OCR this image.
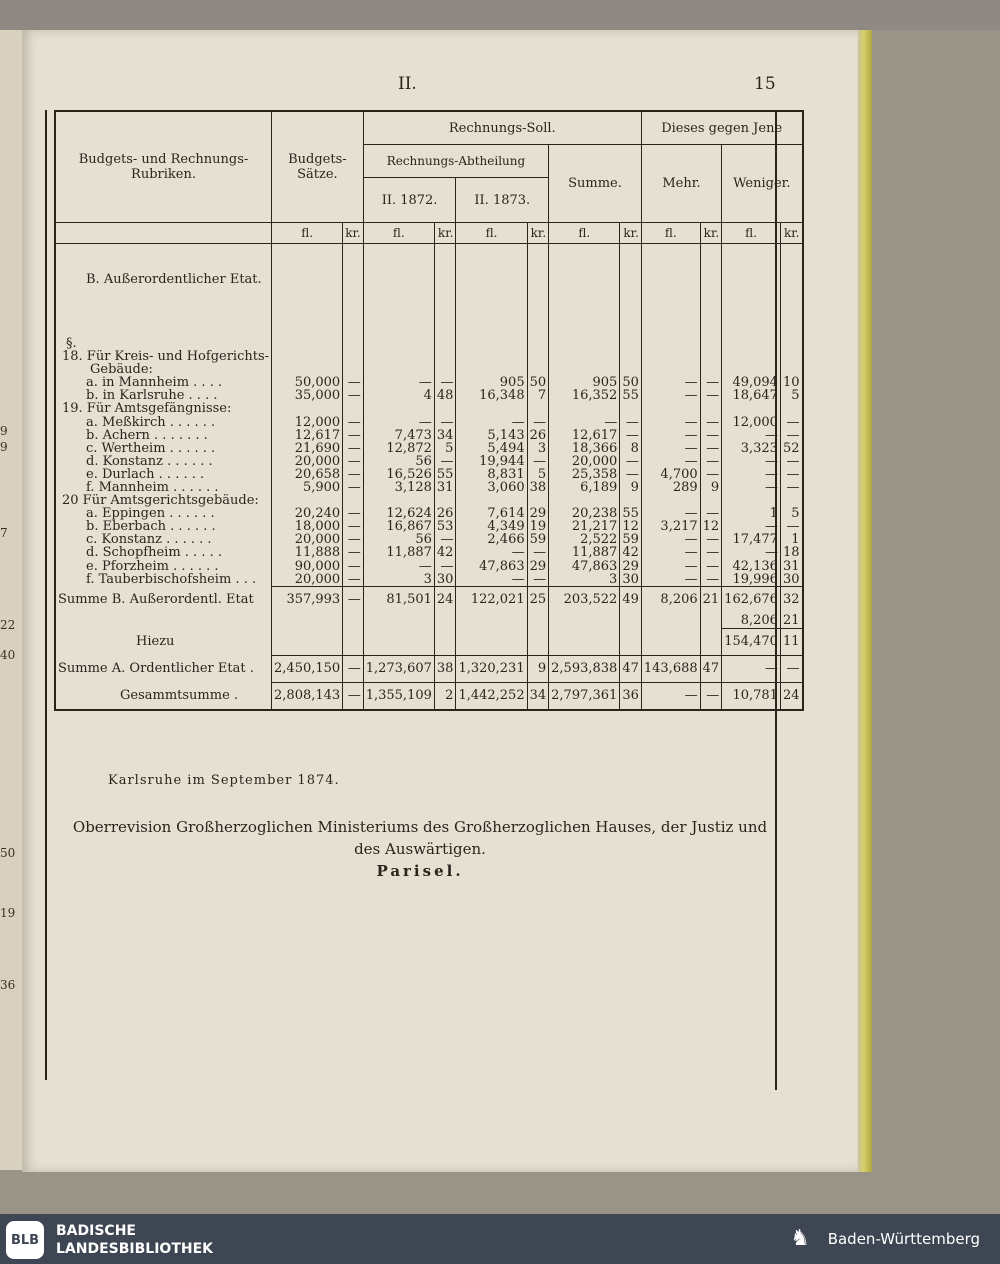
9
9
7
22
40
50
19
36
II.	15
Budgets- und Rechnungs-Rubriken.	Budgets-Sätze.		Rechnungs-Soll.						Dieses gegen Jene			
			Rechnungs-Abtheilung				Summe.		Mehr.		Weniger.	
			II. 1872.		II. 1873.							
	fl.	kr.	fl.	kr.	fl.	kr.	fl.	kr.	fl.	kr.	fl.	kr.
B. Außerordentlicher Etat.												
§.												
18. Für Kreis- und Hofgerichts-												
Gebäude:												
a. in Mannheim . . . .	50,000	—	—	—	905	50	905	50	—	—	49,094	10
b. in Karlsruhe . . . .	35,000	—	4	48	16,348	7	16,352	55	—	—	18,647	5
19. Für Amtsgefängnisse:												
a. Meßkirch . . . . . .	12,000	—	—	—	—	—	—	—	—	—	12,000	—
b. Achern . . . . . . .	12,617	—	7,473	34	5,143	26	12,617	—	—	—	—	—
c. Wertheim . . . . . .	21,690	—	12,872	5	5,494	3	18,366	8	—	—	3,323	52
d. Konstanz . . . . . .	20,000	—	56	—	19,944	—	20,000	—	—	—	—	—
e. Durlach . . . . . .	20,658	—	16,526	55	8,831	5	25,358	—	4,700	—	—	—
f. Mannheim . . . . . .	5,900	—	3,128	31	3,060	38	6,189	9	289	9	—	—
20 Für Amtsgerichtsgebäude:												
a. Eppingen . . . . . .	20,240	—	12,624	26	7,614	29	20,238	55	—	—	1	5
b. Eberbach . . . . . .	18,000	—	16,867	53	4,349	19	21,217	12	3,217	12	—	—
c. Konstanz . . . . . .	20,000	—	56	—	2,466	59	2,522	59	—	—	17,477	1
d. Schopfheim . . . . .	11,888	—	11,887	42	—	—	11,887	42	—	—	—	18
e. Pforzheim . . . . . .	90,000	—	—	—	47,863	29	47,863	29	—	—	42,136	31
f. Tauberbischofsheim . . .	20,000	—	3	30	—	—	3	30	—	—	19,996	30
Summe B. Außerordentl. Etat	357,993	—	81,501	24	122,021	25	203,522	49	8,206	21	162,676	32
											8,206	21
Hiezu											154,470	11
Summe A. Ordentlicher Etat .	2,450,150	—	1,273,607	38	1,320,231	9	2,593,838	47	143,688	47	—	—
Gesammtsumme .	2,808,143	—	1,355,109	2	1,442,252	34	2,797,361	36	—	—	10,781	24
Karlsruhe im September 1874.
Oberrevision Großherzoglichen Ministeriums des Großherzoglichen Hauses, der Justiz und des Auswärtigen.
Parisel.
BLB
BADISCHE
LANDESBIBLIOTHEK	♞ Baden-Württemberg
